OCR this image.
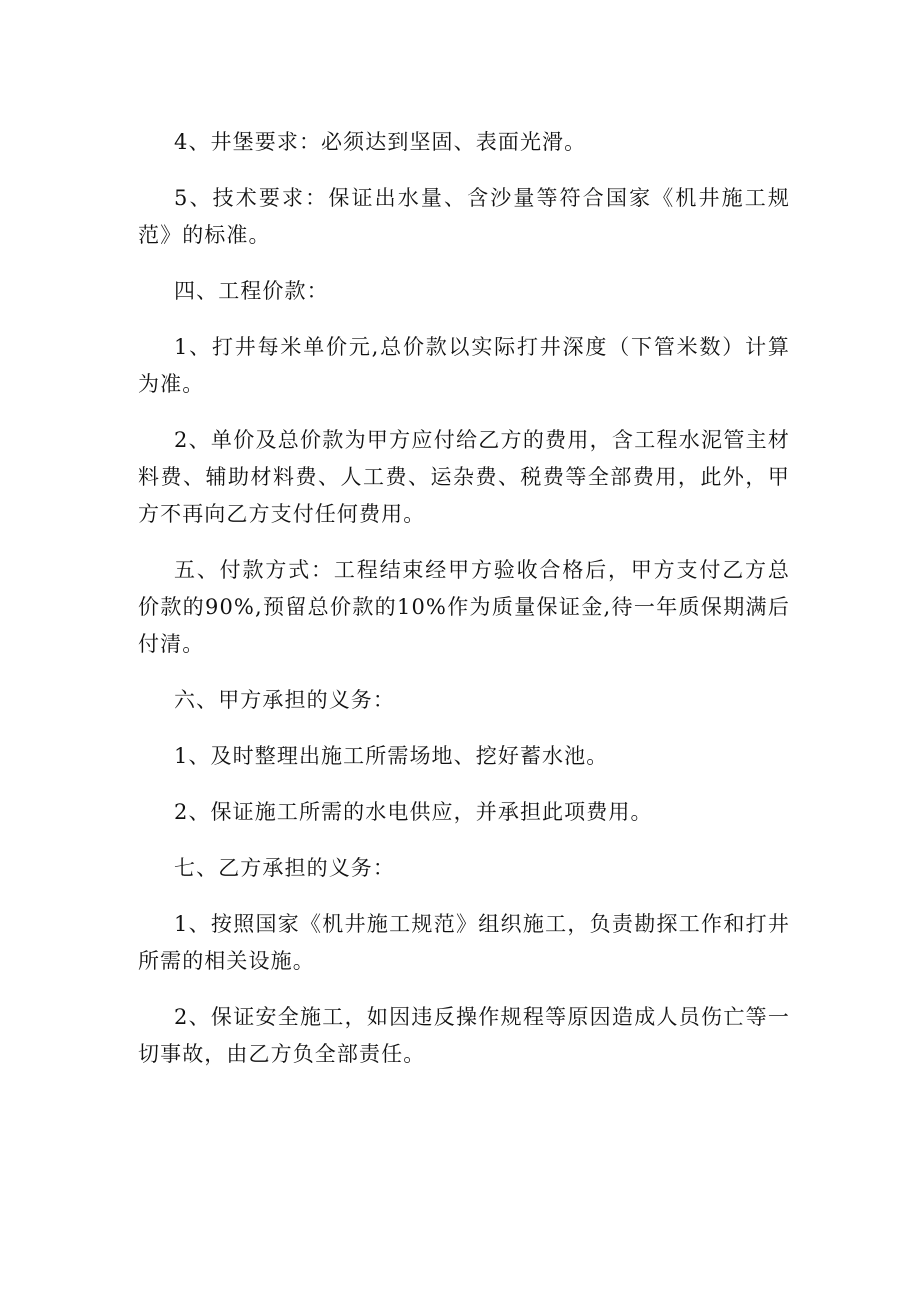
4、井堡要求：必须达到坚固、表面光滑。

5、技术要求：保证出水量、含沙量等符合国家《机井施工规范》的标准。

四、工程价款：

1、打井每米单价元,总价款以实际打井深度（下管米数）计算为准。

2、单价及总价款为甲方应付给乙方的费用，含工程水泥管主材料费、辅助材料费、人工费、运杂费、税费等全部费用，此外，甲方不再向乙方支付任何费用。

五、付款方式：工程结束经甲方验收合格后，甲方支付乙方总价款的90%,预留总价款的10%作为质量保证金,待一年质保期满后付清。

六、甲方承担的义务：

1、及时整理出施工所需场地、挖好蓄水池。

2、保证施工所需的水电供应，并承担此项费用。

七、乙方承担的义务：

1、按照国家《机井施工规范》组织施工，负责勘探工作和打井所需的相关设施。

2、保证安全施工，如因违反操作规程等原因造成人员伤亡等一切事故，由乙方负全部责任。
